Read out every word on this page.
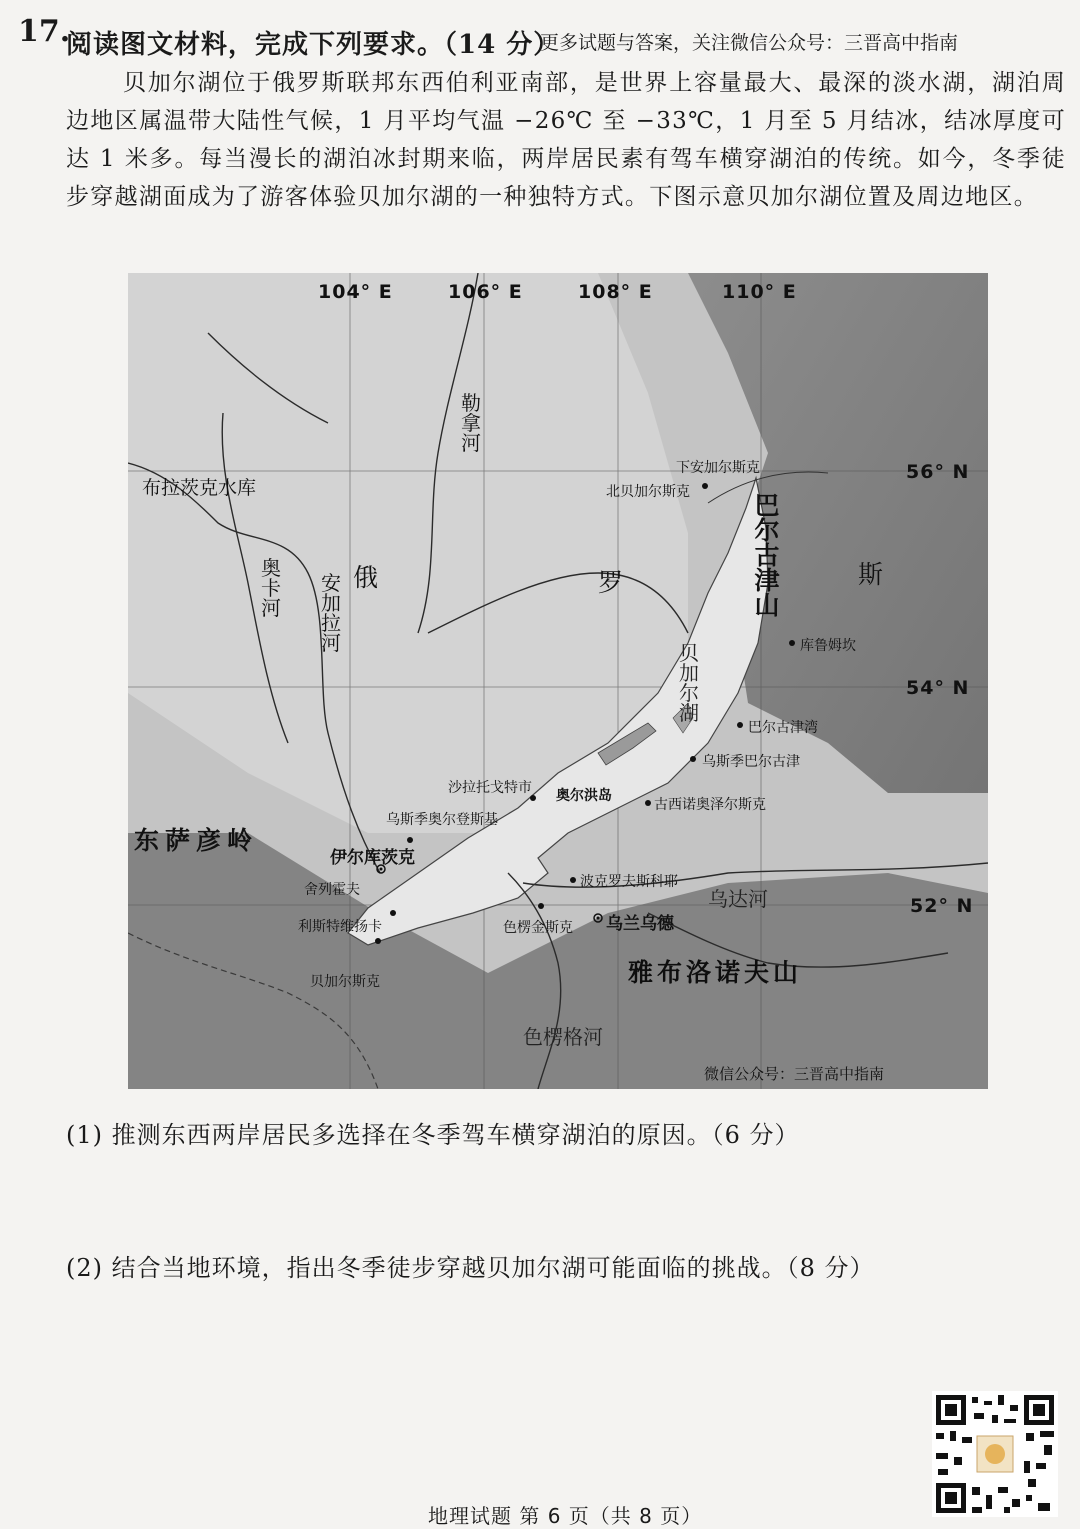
17.
阅读图文材料，完成下列要求。（14 分）
更多试题与答案，关注微信公众号：三晋高中指南
贝加尔湖位于俄罗斯联邦东西伯利亚南部，是世界上容量最大、最深的淡水湖，湖泊周边地区属温带大陆性气候，1 月平均气温 −26℃ 至 −33℃，1 月至 5 月结冰，结冰厚度可达 1 米多。每当漫长的湖泊冰封期来临，两岸居民素有驾车横穿湖泊的传统。如今，冬季徒步穿越湖面成为了游客体验贝加尔湖的一种独特方式。下图示意贝加尔湖位置及周边地区。
104° E	106° E	108° E	110° E
56° N
54° N
52° N
下安加尔斯克
北贝加尔斯克
库鲁姆坎
巴尔古津湾
乌斯季巴尔古津
沙拉托戈特市 奥尔洪岛
古西诺奥泽尔斯克
乌斯季奥尔登斯基
伊尔库茨克
舍列霍夫
利斯特维扬卡
贝加尔斯克
波克罗夫斯科耶
色楞金斯克 乌兰乌德
布拉茨克水库
俄	罗	斯
奥卡河
安加拉河
勒拿河
贝加尔湖
巴尔古津山
东萨彦岭
雅布洛诺夫山
色楞格河
乌达河
微信公众号：三晋高中指南
(1) 推测东西两岸居民多选择在冬季驾车横穿湖泊的原因。（6 分）
(2) 结合当地环境，指出冬季徒步穿越贝加尔湖可能面临的挑战。（8 分）
地理试题 第 6 页（共 8 页）
